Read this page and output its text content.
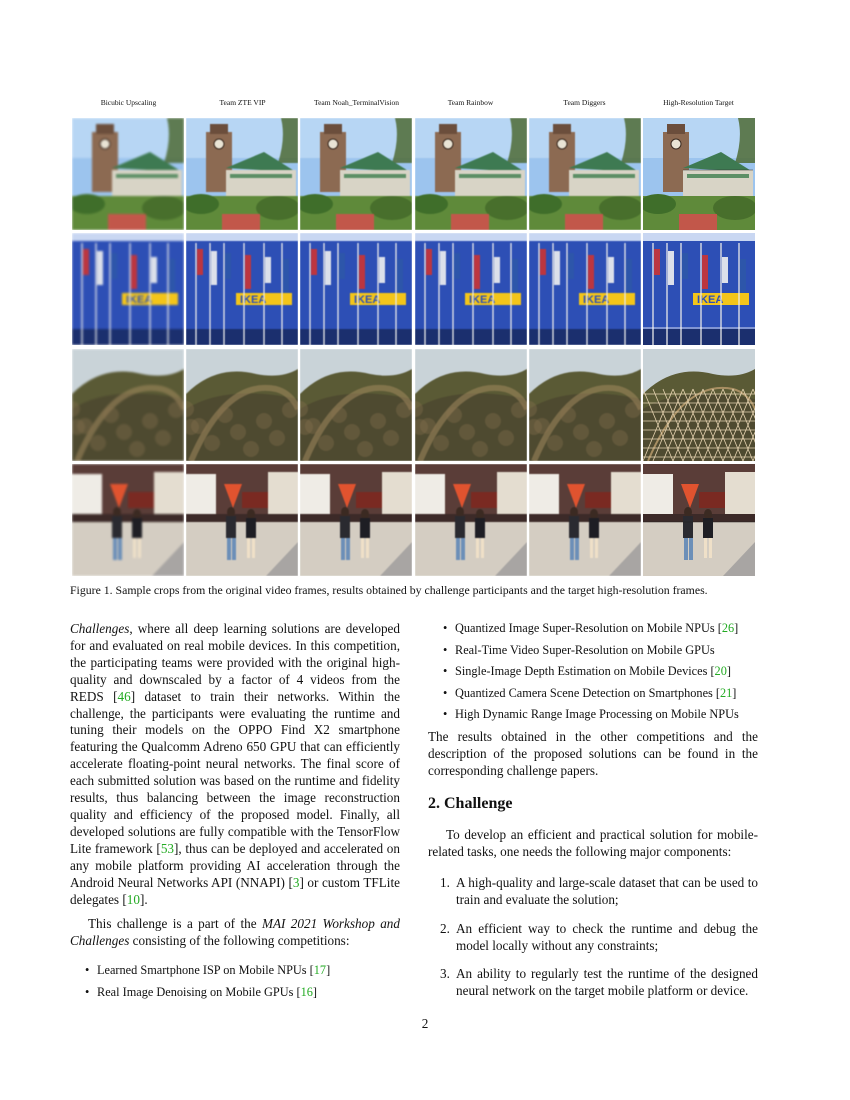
Bicubic Upscaling	Team ZTE VIP	Team Noah_TerminalVision	Team Rainbow	Team Diggers	High-Resolution Target
IKEA	IKEA	IKEA	IKEA	IKEA	IKEA
Figure 1. Sample crops from the original video frames, results obtained by challenge participants and the target high-resolution frames.

Challenges, where all deep learning solutions are developed for and evaluated on real mobile devices. In this competition, the participating teams were provided with the original high-quality and downscaled by a factor of 4 videos from the REDS [46] dataset to train their networks. Within the challenge, the participants were evaluating the runtime and tuning their models on the OPPO Find X2 smartphone featuring the Qualcomm Adreno 650 GPU that can efficiently accelerate floating-point neural networks. The final score of each submitted solution was based on the runtime and fidelity results, thus balancing between the image reconstruction quality and efficiency of the proposed model. Finally, all developed solutions are fully compatible with the TensorFlow Lite framework [53], thus can be deployed and accelerated on any mobile platform providing AI acceleration through the Android Neural Networks API (NNAPI) [3] or custom TFLite delegates [10].

This challenge is a part of the MAI 2021 Workshop and Challenges consisting of the following competitions:

• Learned Smartphone ISP on Mobile NPUs [17]
• Real Image Denoising on Mobile GPUs [16]
• Quantized Image Super-Resolution on Mobile NPUs [26]
• Real-Time Video Super-Resolution on Mobile GPUs
• Single-Image Depth Estimation on Mobile Devices [20]
• Quantized Camera Scene Detection on Smartphones [21]
• High Dynamic Range Image Processing on Mobile NPUs

The results obtained in the other competitions and the description of the proposed solutions can be found in the corresponding challenge papers.

2. Challenge

To develop an efficient and practical solution for mobile-related tasks, one needs the following major components:

1. A high-quality and large-scale dataset that can be used to train and evaluate the solution;
2. An efficient way to check the runtime and debug the model locally without any constraints;
3. An ability to regularly test the runtime of the designed neural network on the target mobile platform or device.
2
